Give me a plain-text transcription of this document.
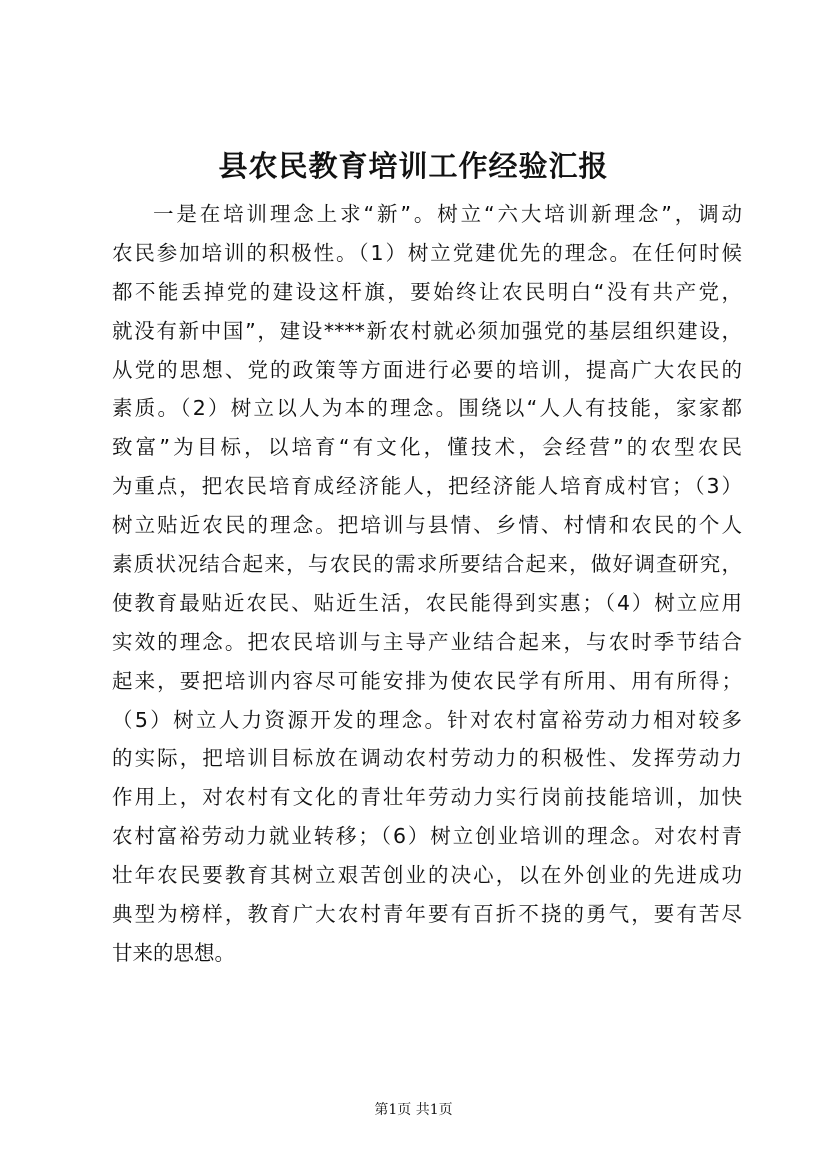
县农民教育培训工作经验汇报
一是在培训理念上求“新”。树立“六大培训新理念”，调动
农民参加培训的积极性。（1）树立党建优先的理念。在任何时候
都不能丢掉党的建设这杆旗，要始终让农民明白“没有共产党，
就没有新中国”，建设****新农村就必须加强党的基层组织建设，
从党的思想、党的政策等方面进行必要的培训，提高广大农民的
素质。（2）树立以人为本的理念。围绕以“人人有技能，家家都
致富”为目标，以培育“有文化，懂技术，会经营”的农型农民
为重点，把农民培育成经济能人，把经济能人培育成村官；（3）
树立贴近农民的理念。把培训与县情、乡情、村情和农民的个人
素质状况结合起来，与农民的需求所要结合起来，做好调查研究，
使教育最贴近农民、贴近生活，农民能得到实惠；（4）树立应用
实效的理念。把农民培训与主导产业结合起来，与农时季节结合
起来，要把培训内容尽可能安排为使农民学有所用、用有所得；
（5）树立人力资源开发的理念。针对农村富裕劳动力相对较多
的实际，把培训目标放在调动农村劳动力的积极性、发挥劳动力
作用上，对农村有文化的青壮年劳动力实行岗前技能培训，加快
农村富裕劳动力就业转移；（6）树立创业培训的理念。对农村青
壮年农民要教育其树立艰苦创业的决心，以在外创业的先进成功
典型为榜样，教育广大农村青年要有百折不挠的勇气，要有苦尽
甘来的思想。
第1页 共1页
